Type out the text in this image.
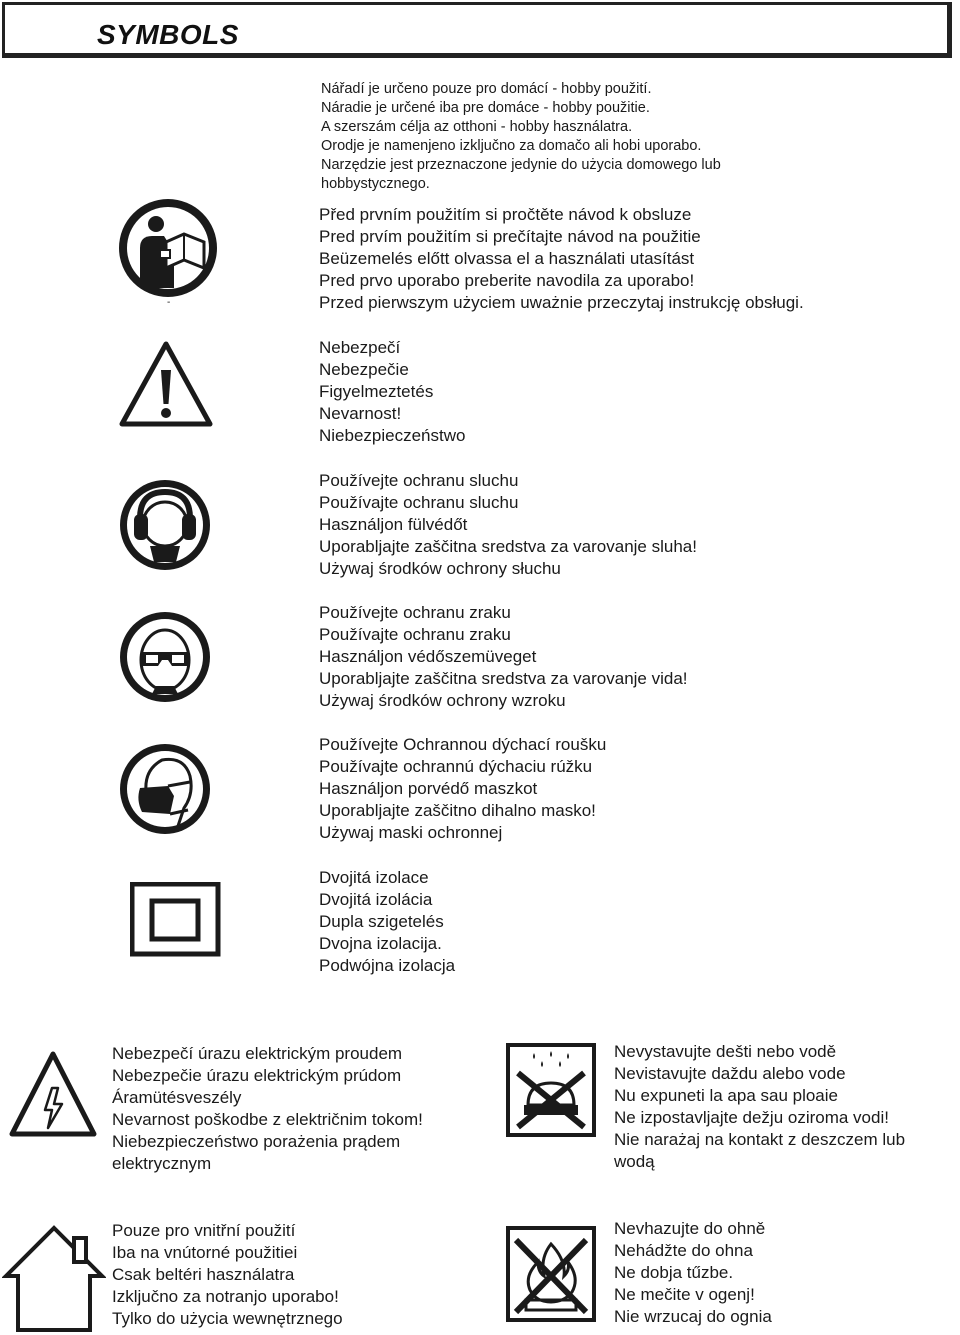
SYMBOLS
Nářadí je určeno pouze pro domácí - hobby použití.
Náradie je určené iba pre domáce - hobby použitie.
A szerszám célja az otthoni - hobby használatra.
Orodje je namenjeno izključno za domačo ali hobi uporabo.
Narzędzie jest przeznaczone jedynie do użycia domowego lub
hobbystycznego.
-
Před prvním použitím si pročtěte návod k obsluze
Pred prvím použitím si prečítajte návod na použitie
Beüzemelés előtt olvassa el a használati utasítást
Pred prvo uporabo preberite navodila za uporabo!
Przed pierwszym użyciem uważnie przeczytaj instrukcję obsługi.
Nebezpečí
Nebezpečie
Figyelmeztetés
Nevarnost!
Niebezpieczeństwo
Používejte ochranu sluchu
Používajte ochranu sluchu
Használjon fülvédőt
Uporabljajte zaščitna sredstva za varovanje sluha!
Używaj środków ochrony słuchu
Používejte ochranu zraku
Používajte ochranu zraku
Használjon védőszemüveget
Uporabljajte zaščitna sredstva za varovanje vida!
Używaj środków ochrony wzroku
Používejte Ochrannou dýchací roušku
Používajte ochrannú dýchaciu rúžku
Használjon porvédő maszkot
Uporabljajte zaščitno dihalno masko!
Używaj maski ochronnej
Dvojitá izolace
Dvojitá izolácia
Dupla szigetelés
Dvojna izolacija.
Podwójna izolacja
Nebezpečí úrazu elektrickým proudem
Nebezpečie úrazu elektrickým prúdom
Áramütésveszély
Nevarnost poškodbe z električnim tokom!
Niebezpieczeństwo porażenia prądem
elektrycznym
Nevystavujte dešti nebo vodě
Nevistavujte daždu alebo vode
Nu expuneti la apa sau ploaie
Ne izpostavljajte dežju oziroma vodi!
Nie narażaj na kontakt z deszczem lub
wodą
Pouze pro vnitřní použití
Iba na vnútorné použitiei
Csak beltéri használatra
Izključno za notranjo uporabo!
Tylko do użycia wewnętrznego
Nevhazujte do ohně
Nehádžte do ohna
Ne dobja tűzbe.
Ne mečite v ogenj!
Nie wrzucaj do ognia
